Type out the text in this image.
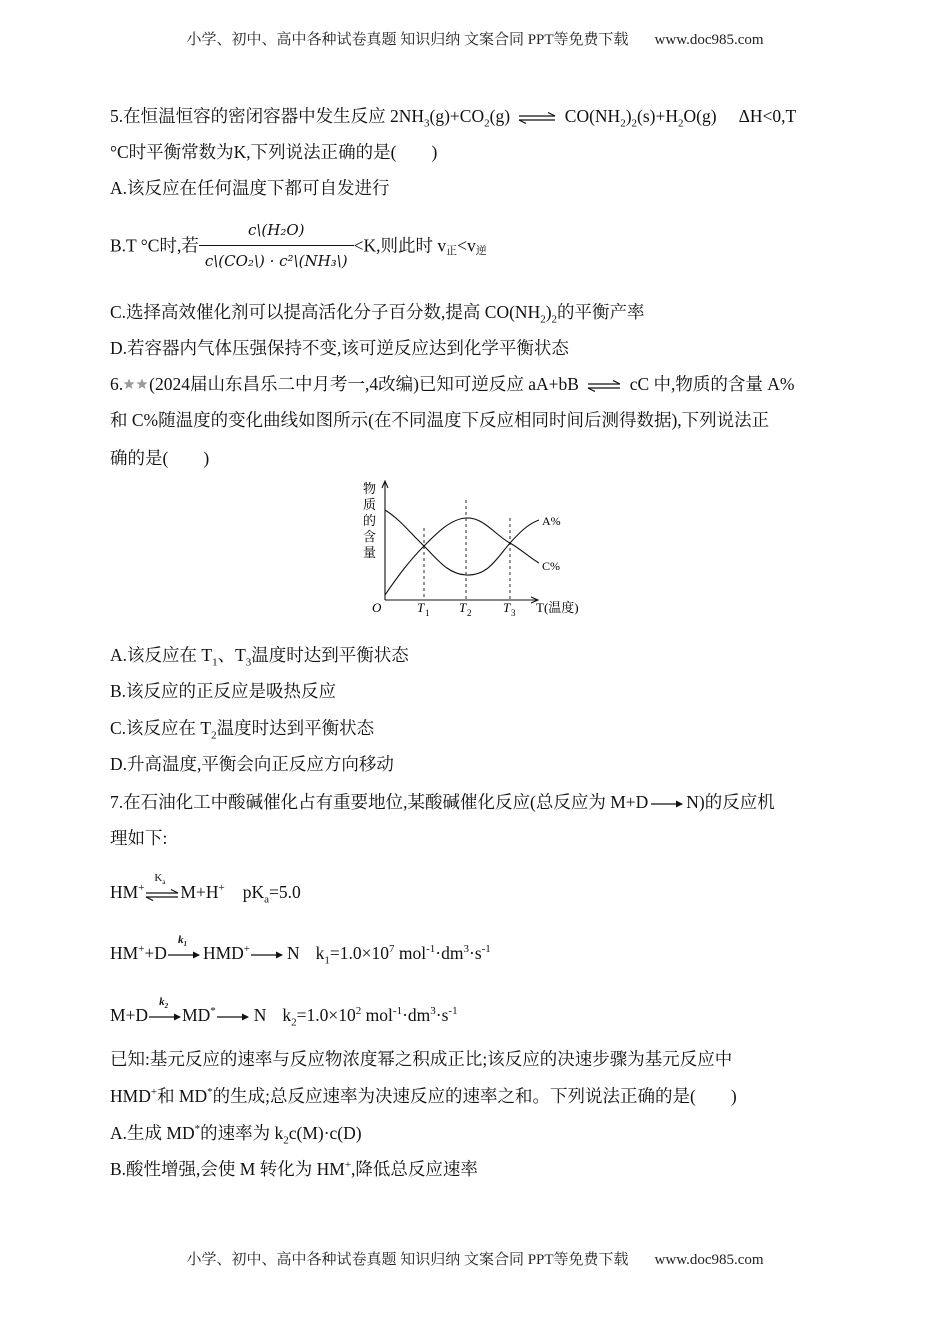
小学、初中、高中各种试卷真题 知识归纳 文案合同 PPT等免费下载 www.doc985.com
5.在恒温恒容的密闭容器中发生反应 $2NH_3(g)+CO_2(g)$ ⇌ $CO(NH_2)_2(s)+H_2O(g)$ ΔH<0,T
°C时平衡常数为K,下列说法正确的是(　　)
A.该反应在任何温度下都可自发进行
B.T °C时,若 $\frac{\text{c\textbackslash{}(H₂O)}}{\text{c\textbackslash{}(CO₂\textbackslash{}) · c²\textbackslash{}(NH₃\textbackslash{})}} <K$,则此时 $v_正<v_逆$
C.选择高效催化剂可以提高活化分子百分数,提高 $CO(NH_2)_2$的平衡产率
D.若容器内气体压强保持不变,该可逆反应达到化学平衡状态
6. (2024届山东昌乐二中月考一,4改编)已知可逆反应 aA+bB ⇌ cC 中,物质的含量 A%
和 C%随温度的变化曲线如图所示(在不同温度下反应相同时间后测得数据),下列说法正
确的是(　　)
物
质
的
含
量
O	T 1 T 2 T 3 T(温度)
A%
C%
A.该反应在 $T_1$、$T_3$温度时达到平衡状态
B.该反应的正反应是吸热反应
C.该反应在 $T_2$温度时达到平衡状态
D.升高温度,平衡会向正反应方向移动
7.在石油化工中酸碱催化占有重要地位,某酸碱催化反应(总反应为 M+D N)的反应机
理如下:
HM+
$K_a$ M+H+ $pK_a=5.0$
HM++D
$k_1$ HMD+ N $k_1=1.0\times 10^7$ $mol^{-1}\cdot dm^3\cdot s^{-1}$
M+D
$k_2$ MD* N $k_2=1.0\times 10^2$ $mol^{-1}\cdot dm^3\cdot s^{-1}$
已知:基元反应的速率与反应物浓度幂之积成正比;该反应的决速步骤为基元反应中
HMD+和 MD*的生成;总反应速率为决速反应的速率之和。下列说法正确的是(　　)
A.生成 MD*的速率为 $k_2c(M)\cdot c(D)$
B.酸性增强,会使 M 转化为 HM+,降低总反应速率
小学、初中、高中各种试卷真题 知识归纳 文案合同 PPT等免费下载 www.doc985.com
